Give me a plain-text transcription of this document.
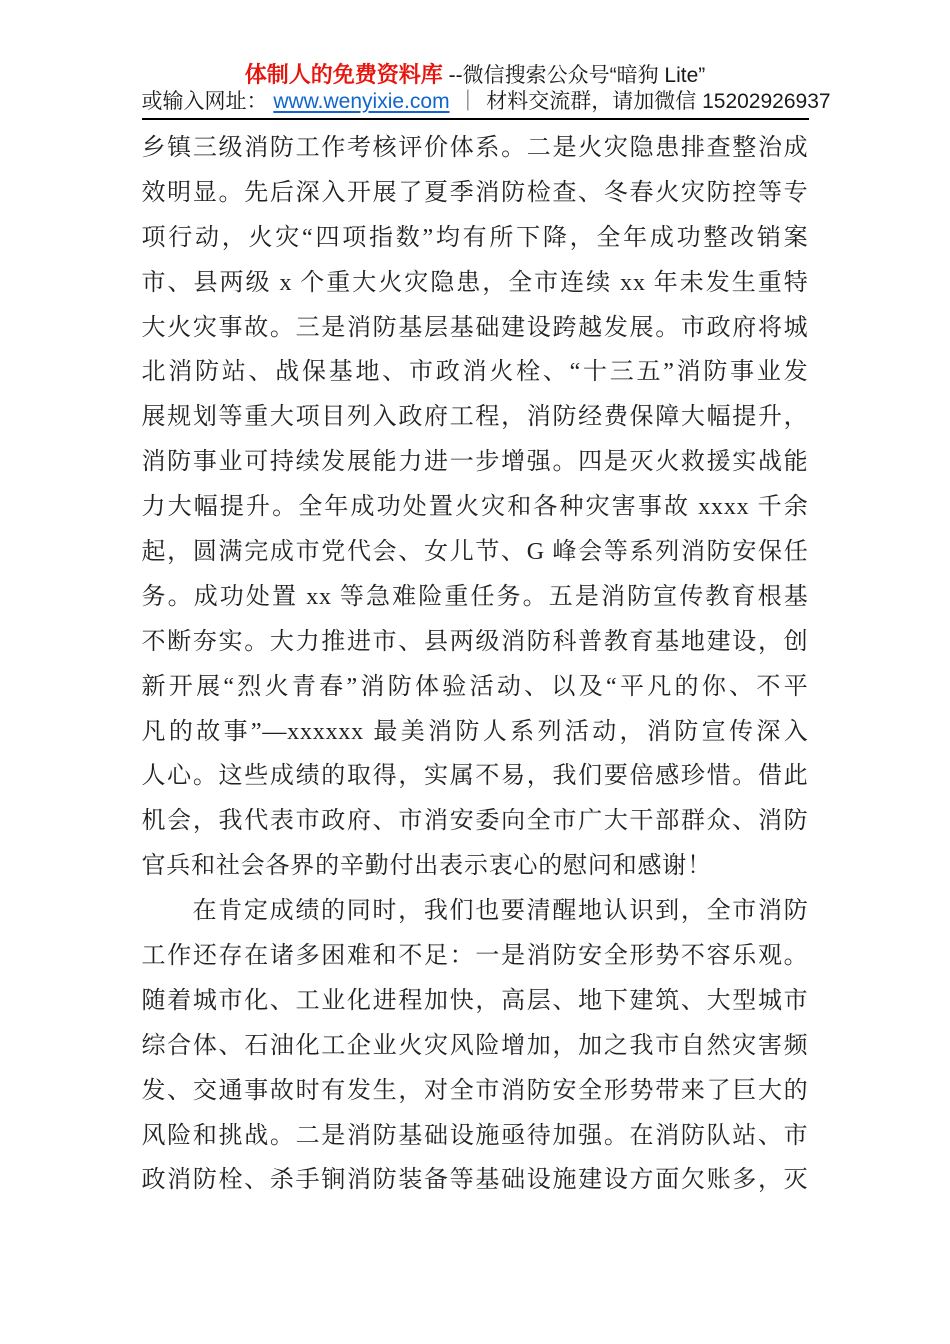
体制人的免费资料库 --微信搜索公众号“暗狗 Lite”
或输入网址： www.wenyixie.com ｜ 材料交流群，请加微信 15202926937
乡镇三级消防工作考核评价体系。二是火灾隐患排查整治成
效明显。先后深入开展了夏季消防检查、冬春火灾防控等专
项行动，火灾“四项指数”均有所下降，全年成功整改销案
市、县两级 x 个重大火灾隐患，全市连续 xx 年未发生重特
大火灾事故。三是消防基层基础建设跨越发展。市政府将城
北消防站、战保基地、市政消火栓、“十三五”消防事业发
展规划等重大项目列入政府工程，消防经费保障大幅提升，
消防事业可持续发展能力进一步增强。四是灭火救援实战能
力大幅提升。全年成功处置火灾和各种灾害事故 xxxx 千余
起，圆满完成市党代会、女儿节、G 峰会等系列消防安保任
务。成功处置 xx 等急难险重任务。五是消防宣传教育根基
不断夯实。大力推进市、县两级消防科普教育基地建设，创
新开展“烈火青春”消防体验活动、以及“平凡的你、不平
凡的故事”—xxxxxx 最美消防人系列活动，消防宣传深入
人心。这些成绩的取得，实属不易，我们要倍感珍惜。借此
机会，我代表市政府、市消安委向全市广大干部群众、消防
官兵和社会各界的辛勤付出表示衷心的慰问和感谢！
在肯定成绩的同时，我们也要清醒地认识到，全市消防
工作还存在诸多困难和不足：一是消防安全形势不容乐观。
随着城市化、工业化进程加快，高层、地下建筑、大型城市
综合体、石油化工企业火灾风险增加，加之我市自然灾害频
发、交通事故时有发生，对全市消防安全形势带来了巨大的
风险和挑战。二是消防基础设施亟待加强。在消防队站、市
政消防栓、杀手锏消防装备等基础设施建设方面欠账多，灭
